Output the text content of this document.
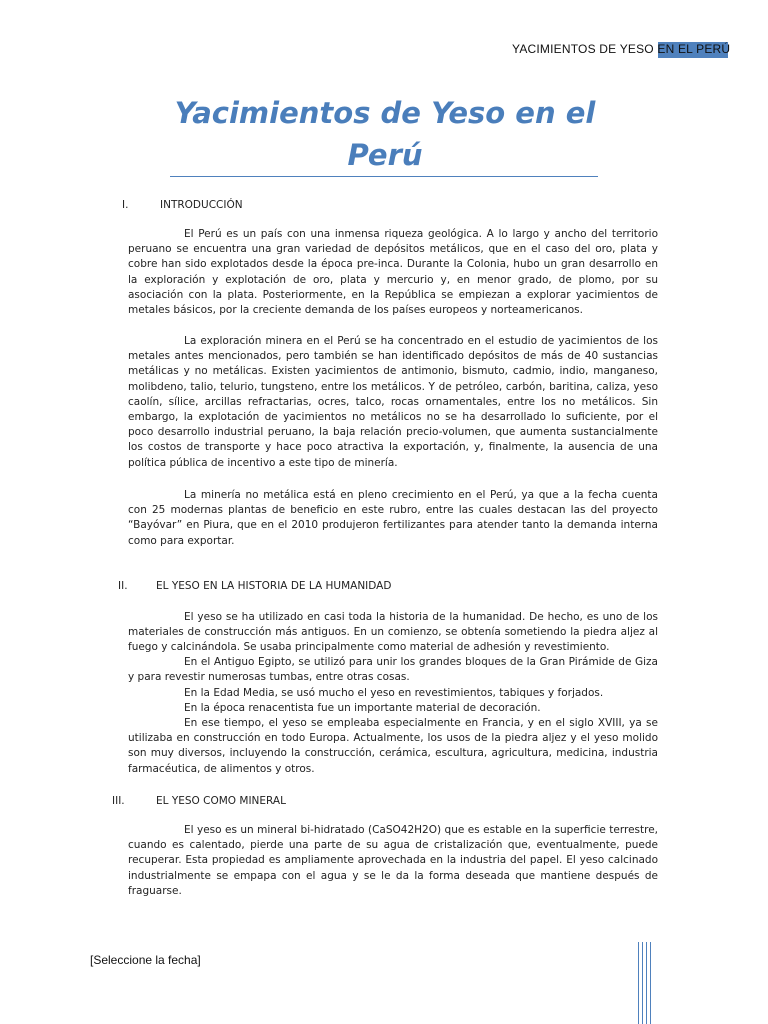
YACIMIENTOS DE YESO EN EL PERÚ
Yacimientos de Yeso en el Perú
I.	INTRODUCCIÓN

El Perú es un país con una inmensa riqueza geológica. A lo largo y ancho del territorio peruano se encuentra una gran variedad de depósitos metálicos, que en el caso del oro, plata y cobre han sido explotados desde la época pre-inca. Durante la Colonia, hubo un gran desarrollo en la exploración y explotación de oro, plata y mercurio y, en menor grado, de plomo, por su asociación con la plata. Posteriormente, en la República se empiezan a explorar yacimientos de metales básicos, por la creciente demanda de los países europeos y norteamericanos.

La exploración minera en el Perú se ha concentrado en el estudio de yacimientos de los metales antes mencionados, pero también se han identificado depósitos de más de 40 sustancias metálicas y no metálicas. Existen yacimientos de antimonio, bismuto, cadmio, indio, manganeso, molibdeno, talio, telurio, tungsteno, entre los metálicos. Y de petróleo, carbón, baritina, caliza, yeso caolín, sílice, arcillas refractarias, ocres, talco, rocas ornamentales, entre los no metálicos. Sin embargo, la explotación de yacimientos no metálicos no se ha desarrollado lo suficiente, por el poco desarrollo industrial peruano, la baja relación precio-volumen, que aumenta sustancialmente los costos de transporte y hace poco atractiva la exportación, y, finalmente, la ausencia de una política pública de incentivo a este tipo de minería.

La minería no metálica está en pleno crecimiento en el Perú, ya que a la fecha cuenta con 25 modernas plantas de beneficio en este rubro, entre las cuales destacan las del proyecto “Bayóvar” en Piura, que en el 2010 produjeron fertilizantes para atender tanto la demanda interna como para exportar.

II.	EL YESO EN LA HISTORIA DE LA HUMANIDAD

El yeso se ha utilizado en casi toda la historia de la humanidad. De hecho, es uno de los materiales de construcción más antiguos. En un comienzo, se obtenía sometiendo la piedra aljez al fuego y calcinándola. Se usaba principalmente como material de adhesión y revestimiento.

En el Antiguo Egipto, se utilizó para unir los grandes bloques de la Gran Pirámide de Giza y para revestir numerosas tumbas, entre otras cosas.

En la Edad Media, se usó mucho el yeso en revestimientos, tabiques y forjados.

En la época renacentista fue un importante material de decoración.

En ese tiempo, el yeso se empleaba especialmente en Francia, y en el siglo XVIII, ya se utilizaba en construcción en todo Europa. Actualmente, los usos de la piedra aljez y el yeso molido son muy diversos, incluyendo la construcción, cerámica, escultura, agricultura, medicina, industria farmacéutica, de alimentos y otros.

III.	EL YESO COMO MINERAL

El yeso es un mineral bi-hidratado (CaSO42H2O) que es estable en la superficie terrestre, cuando es calentado, pierde una parte de su agua de cristalización que, eventualmente, puede recuperar. Esta propiedad es ampliamente aprovechada en la industria del papel. El yeso calcinado industrialmente se empapa con el agua y se le da la forma deseada que mantiene después de fraguarse.

[Seleccione la fecha]
